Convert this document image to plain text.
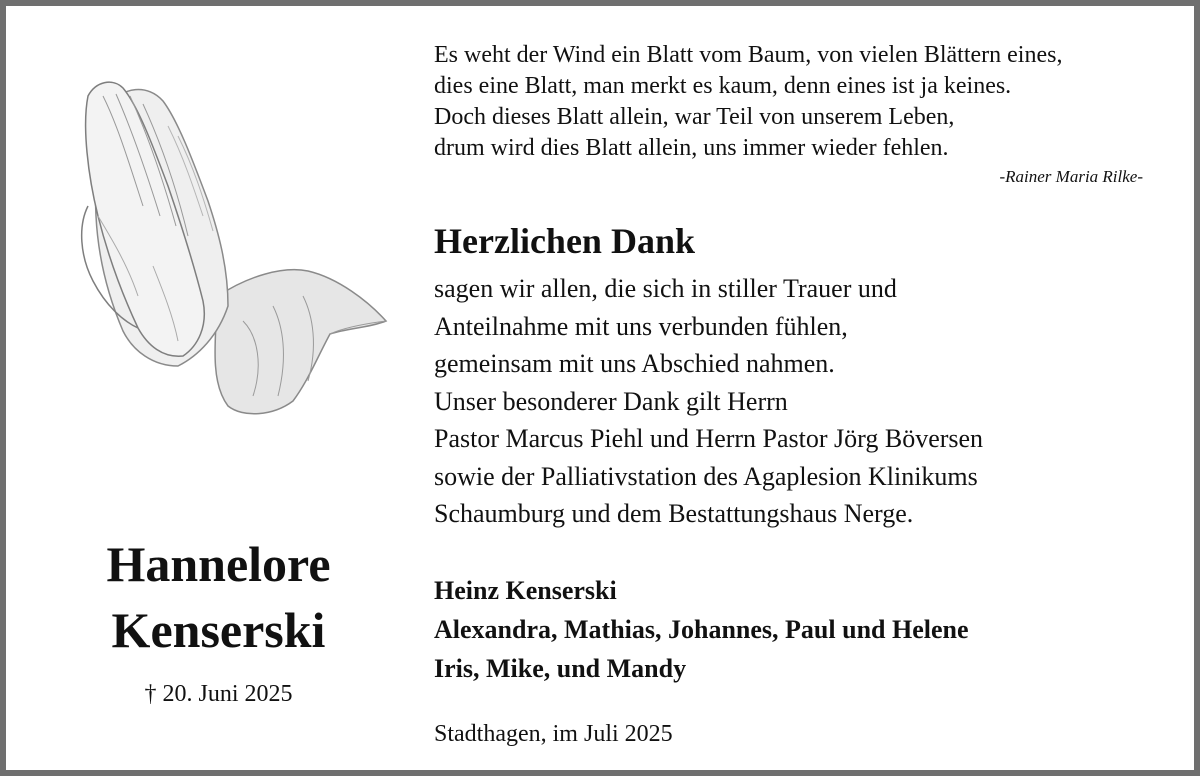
Hannelore
Kenserski
† 20. Juni 2025
Es weht der Wind ein Blatt vom Baum, von vielen Blättern eines,
dies eine Blatt, man merkt es kaum, denn eines ist ja keines.
Doch dieses Blatt allein, war Teil von unserem Leben,
drum wird dies Blatt allein, uns immer wieder fehlen.
-Rainer Maria Rilke-
Herzlichen Dank
sagen wir allen, die sich in stiller Trauer und
Anteilnahme mit uns verbunden fühlen,
gemeinsam mit uns Abschied nahmen.
Unser besonderer Dank gilt Herrn
Pastor Marcus Piehl und Herrn Pastor Jörg Böversen
sowie der Palliativstation des Agaplesion Klinikums
Schaumburg und dem Bestattungshaus Nerge.
Heinz Kenserski
Alexandra, Mathias, Johannes, Paul und Helene
Iris, Mike, und Mandy
Stadthagen, im Juli 2025
